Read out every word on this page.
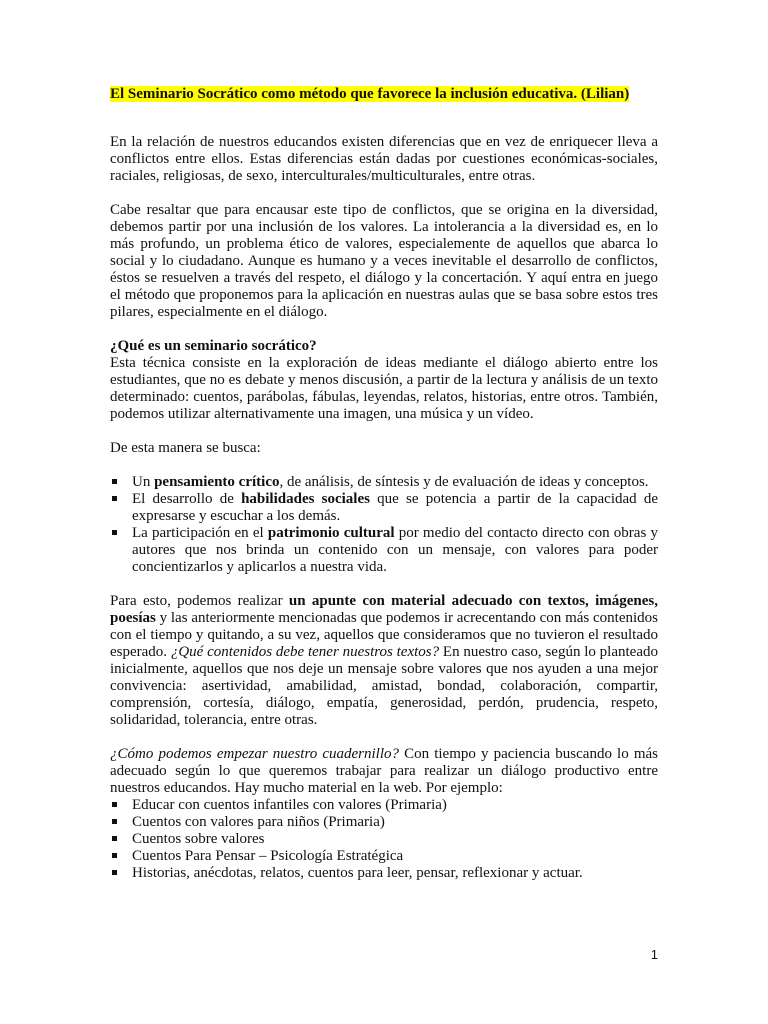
El Seminario Socrático como método que favorece la inclusión educativa. (Lilian)

En la relación de nuestros educandos existen diferencias que en vez de enriquecer lleva a conflictos entre ellos. Estas diferencias están dadas por cuestiones económicas-sociales, raciales, religiosas, de sexo, interculturales/multiculturales, entre otras.

Cabe resaltar que para encausar este tipo de conflictos, que se origina en la diversidad, debemos partir por una inclusión de los valores. La intolerancia a la diversidad es, en lo más profundo, un problema ético de valores, especialemente de aquellos que abarca lo social y lo ciudadano. Aunque es humano y a veces inevitable el desarrollo de conflictos, éstos se resuelven a través del respeto, el diálogo y la concertación. Y aquí entra en juego el método que proponemos para la aplicación en nuestras aulas que se basa sobre estos tres pilares, especialmente en el diálogo.

¿Qué es un seminario socrático?
Esta técnica consiste en la exploración de ideas mediante el diálogo abierto entre los estudiantes, que no es debate y menos discusión, a partir de la lectura y análisis de un texto determinado: cuentos, parábolas, fábulas, leyendas, relatos, historias, entre otros. También, podemos utilizar alternativamente una imagen, una música y un vídeo.

De esta manera se busca:

Un pensamiento crítico, de análisis, de síntesis y de evaluación de ideas y conceptos.
El desarrollo de habilidades sociales que se potencia a partir de la capacidad de expresarse y escuchar a los demás.
La participación en el patrimonio cultural por medio del contacto directo con obras y autores que nos brinda un contenido con un mensaje, con valores para poder concientizarlos y aplicarlos a nuestra vida.

Para esto, podemos realizar un apunte con material adecuado con textos, imágenes, poesías y las anteriormente mencionadas que podemos ir acrecentando con más contenidos con el tiempo y quitando, a su vez, aquellos que consideramos que no tuvieron el resultado esperado. ¿Qué contenidos debe tener nuestros textos? En nuestro caso, según lo planteado inicialmente, aquellos que nos deje un mensaje sobre valores que nos ayuden a una mejor convivencia: asertividad, amabilidad, amistad, bondad, colaboración, compartir, comprensión, cortesía, diálogo, empatía, generosidad, perdón, prudencia, respeto, solidaridad, tolerancia, entre otras.

¿Cómo podemos empezar nuestro cuadernillo? Con tiempo y paciencia buscando lo más adecuado según lo que queremos trabajar para realizar un diálogo productivo entre nuestros educandos. Hay mucho material en la web. Por ejemplo:

Educar con cuentos infantiles con valores (Primaria)
Cuentos con valores para niños (Primaria)
Cuentos sobre valores
Cuentos Para Pensar – Psicología Estratégica
Historias, anécdotas, relatos, cuentos para leer, pensar, reflexionar y actuar.
1
